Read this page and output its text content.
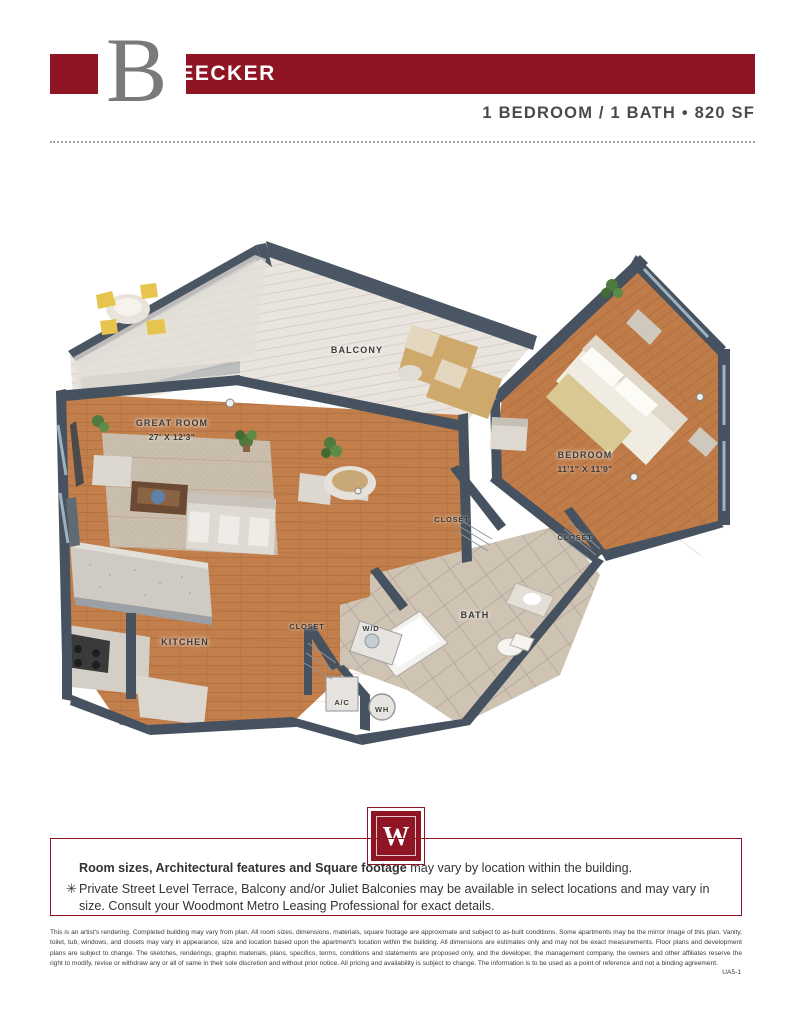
B
LEECKER
1 BEDROOM / 1 BATH • 820 SF
BALCONY
GREAT ROOM
27' X 12'3"
BEDROOM
11'1" X 11'9"
KITCHEN
BATH
CLOSET
CLOSET
CLOSET	W/D
A/C
WH
W
Room sizes, Architectural features and Square footage may vary by location within the building.
✳ Private Street Level Terrace, Balcony and/or Juliet Balconies may be available in select locations and may vary in size. Consult your Woodmont Metro Leasing Professional for exact details.
This is an artist's rendering. Completed building may vary from plan. All room sizes, dimensions, materials, square footage are approximate and subject to as-built conditions. Some apartments may be the mirror image of this plan. Vanity, toilet, tub, windows, and closets may vary in appearance, size and location based upon the apartment's location within the building. All dimensions are estimates only and may not be exact measurements. Floor plans and development plans are subject to change. The sketches, renderings, graphic materials, plans, specifics, terms, conditions and statements are proposed only, and the developer, the management company, the owners and other affiliates reserve the right to modify, revise or withdraw any or all of same in their sole discretion and without prior notice. All pricing and availability is subject to change. The information is to be used as a point of reference and not a binding agreement.
UA5-1
